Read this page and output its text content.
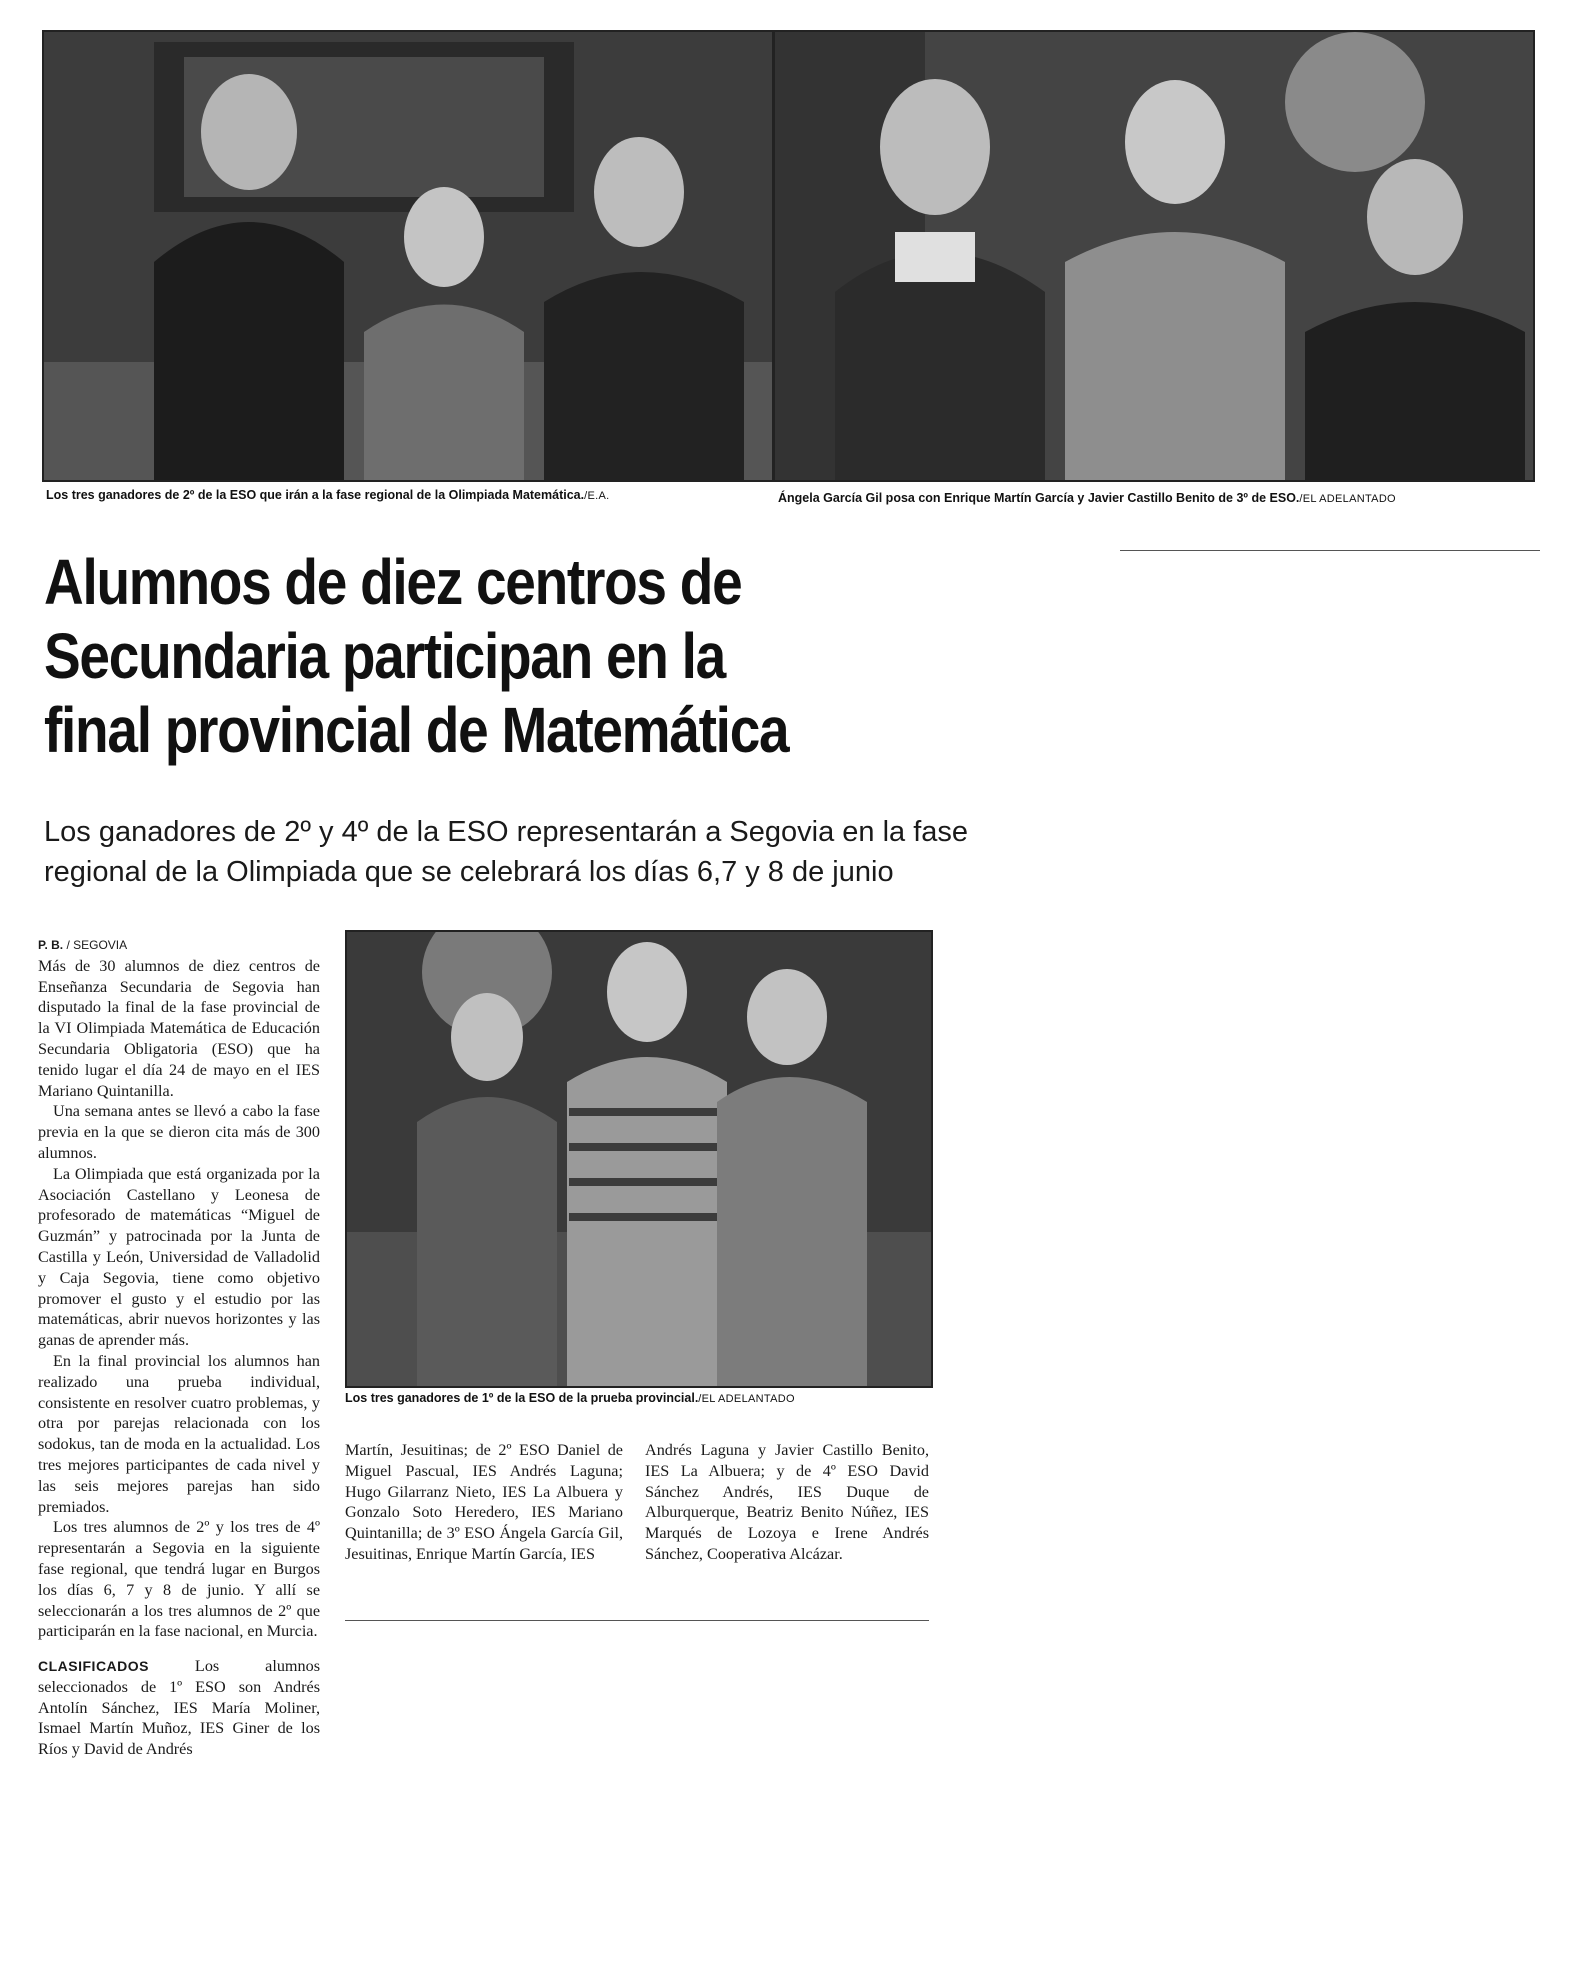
Los tres ganadores de 2º de la ESO que irán a la fase regional de la Olimpiada Matemática./E.A.	Ángela García Gil posa con Enrique Martín García y Javier Castillo Benito de 3º de ESO./EL ADELANTADO
Alumnos de diez centros de
Secundaria participan en la
final provincial de Matemática
Los ganadores de 2º y 4º de la ESO representarán a Segovia en la fase
regional de la Olimpiada que se celebrará los días 6,7 y 8 de junio
Los tres ganadores de 1º de la ESO de la prueba provincial./EL ADELANTADO
P. B. / SEGOVIA

Más de 30 alumnos de diez centros de Enseñanza Secundaria de Segovia han disputado la final de la fase provincial de la VI Olimpiada Matemática de Educación Secundaria Obligatoria (ESO) que ha tenido lugar el día 24 de mayo en el IES Mariano Quintanilla.

Una semana antes se llevó a cabo la fase previa en la que se dieron cita más de 300 alumnos.

La Olimpiada que está organizada por la Asociación Castellano y Leonesa de profesorado de matemáticas “Miguel de Guzmán” y patrocinada por la Junta de Castilla y León, Universidad de Valladolid y Caja Segovia, tiene como objetivo promover el gusto y el estudio por las matemáticas, abrir nuevos horizontes y las ganas de aprender más.

En la final provincial los alumnos han realizado una prueba individual, consistente en resolver cuatro problemas, y otra por parejas relacionada con los sodokus, tan de moda en la actualidad. Los tres mejores participantes de cada nivel y las seis mejores parejas han sido premiados.

Los tres alumnos de 2º y los tres de 4º representarán a Segovia en la siguiente fase regional, que tendrá lugar en Burgos los días 6, 7 y 8 de junio. Y allí se seleccionarán a los tres alumnos de 2º que participarán en la fase nacional, en Murcia.

CLASIFICADOS Los alumnos seleccionados de 1º ESO son Andrés Antolín Sánchez, IES María Moliner, Ismael Martín Muñoz, IES Giner de los Ríos y David de Andrés

Martín, Jesuitinas; de 2º ESO Daniel de Miguel Pascual, IES Andrés Laguna; Hugo Gilarranz Nieto, IES La Albuera y Gonzalo Soto Heredero, IES Mariano Quintanilla; de 3º ESO Ángela García Gil, Jesuitinas, Enrique Martín García, IES

Andrés Laguna y Javier Castillo Benito, IES La Albuera; y de 4º ESO David Sánchez Andrés, IES Duque de Alburquerque, Beatriz Benito Núñez, IES Marqués de Lozoya e Irene Andrés Sánchez, Cooperativa Alcázar.
